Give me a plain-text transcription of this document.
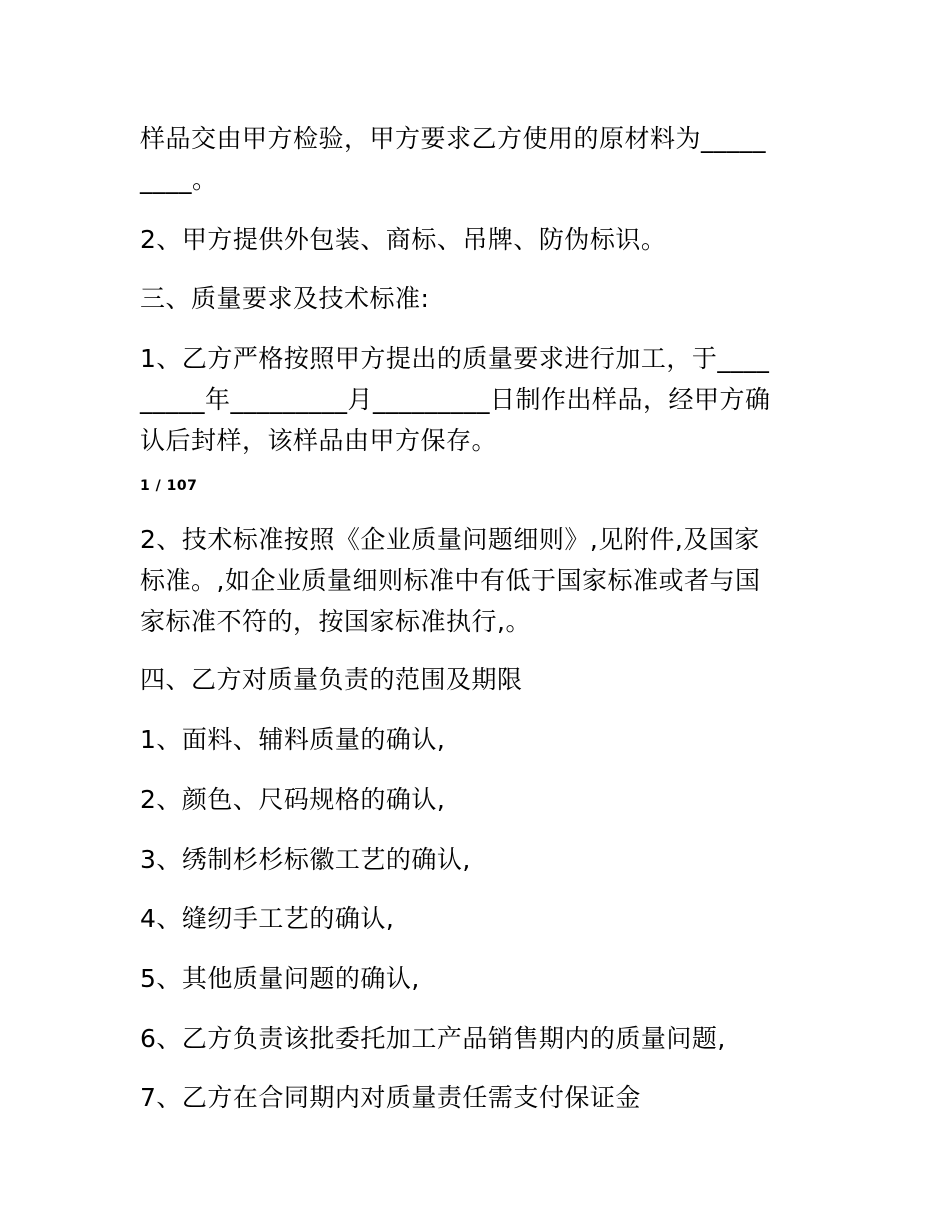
样品交由甲方检验，甲方要求乙方使用的原材料为_____
____。
2、甲方提供外包装、商标、吊牌、防伪标识。
三、质量要求及技术标准:
1、乙方严格按照甲方提出的质量要求进行加工，于____
_____年_________月_________日制作出样品，经甲方确
认后封样，该样品由甲方保存。
1 / 107
2、技术标准按照《企业质量问题细则》,见附件,及国家
标准。,如企业质量细则标准中有低于国家标准或者与国
家标准不符的，按国家标准执行,。
四、乙方对质量负责的范围及期限
1、面料、辅料质量的确认,
2、颜色、尺码规格的确认,
3、绣制杉杉标徽工艺的确认,
4、缝纫手工艺的确认,
5、其他质量问题的确认,
6、乙方负责该批委托加工产品销售期内的质量问题,
7、乙方在合同期内对质量责任需支付保证金
